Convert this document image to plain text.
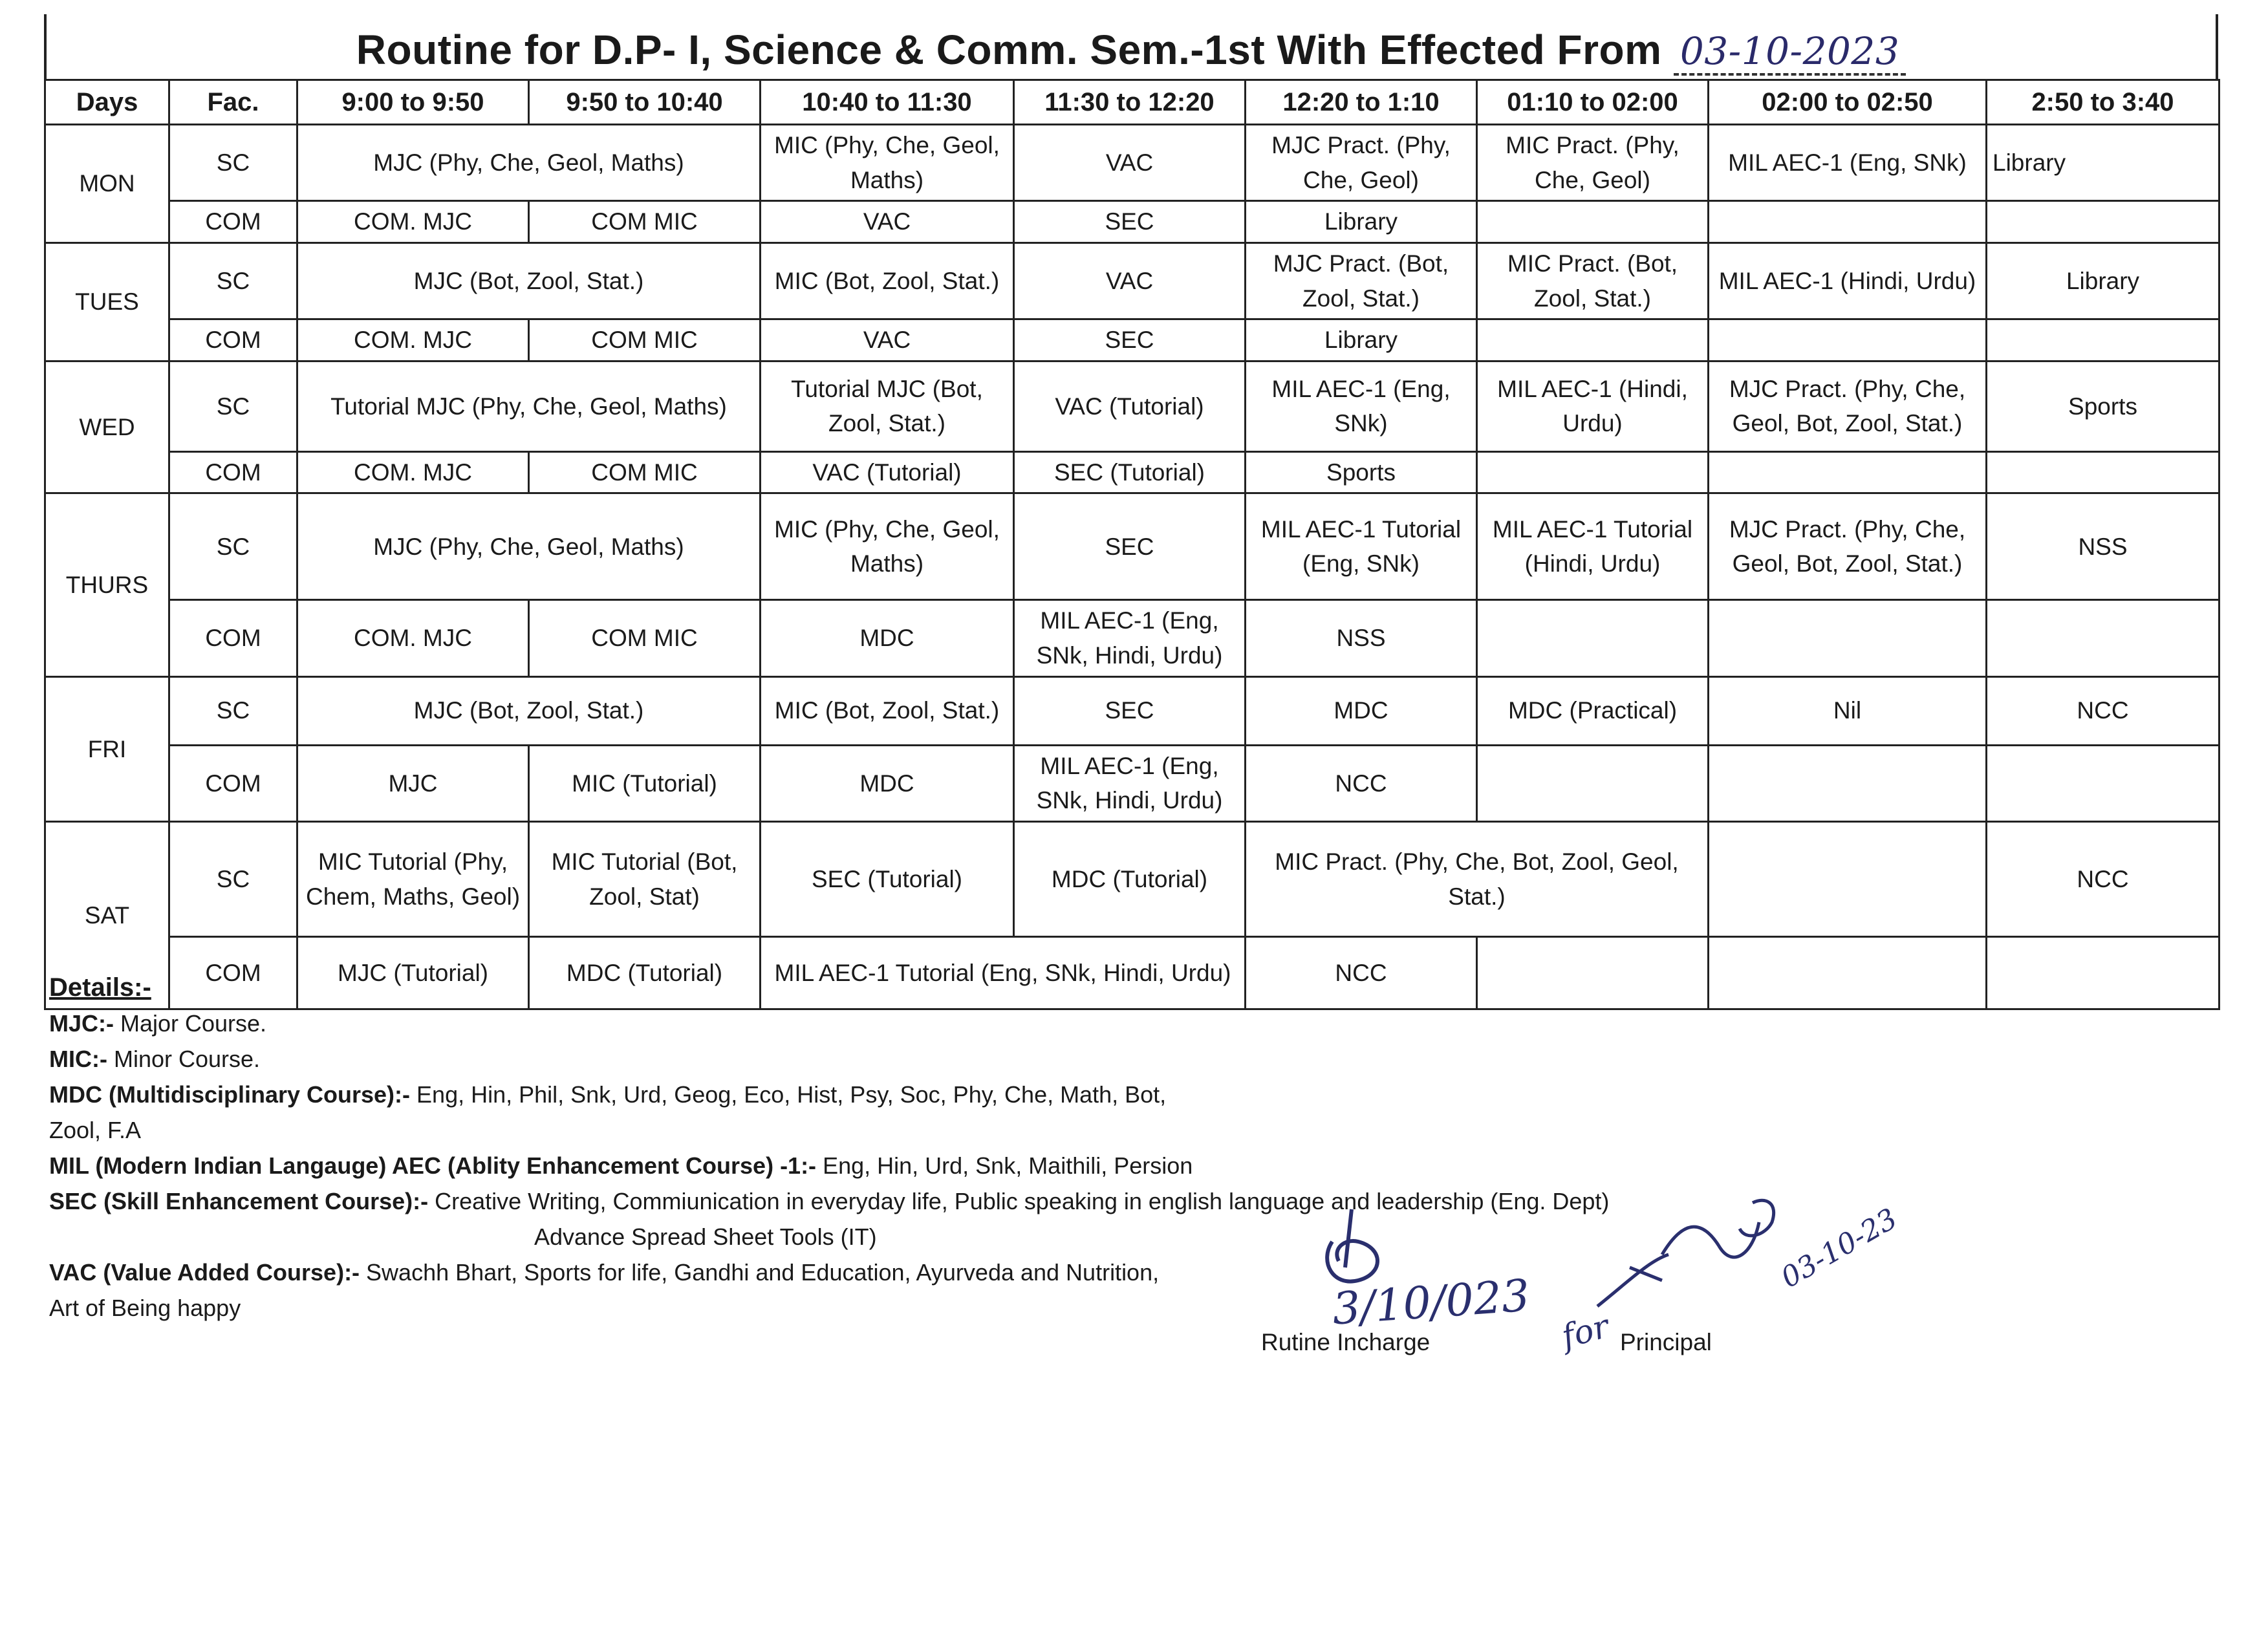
Routine for D.P- I, Science & Comm. Sem.-1st With Effected From 03-10-2023
Days	Fac.	9:00 to 9:50	9:50 to 10:40	10:40 to 11:30	11:30 to 12:20	12:20 to 1:10	01:10 to 02:00	02:00 to 02:50	2:50 to 3:40
MON	SC	MJC (Phy, Che, Geol, Maths)		MIC (Phy, Che, Geol, Maths)	VAC	MJC Pract. (Phy, Che, Geol)	MIC Pract. (Phy, Che, Geol)	MIL AEC-1 (Eng, SNk)	Library
	COM	COM. MJC	COM MIC	VAC	SEC	Library			
TUES	SC	MJC (Bot, Zool, Stat.)		MIC (Bot, Zool, Stat.)	VAC	MJC Pract. (Bot, Zool, Stat.)	MIC Pract. (Bot, Zool, Stat.)	MIL AEC-1 (Hindi, Urdu)	Library
	COM	COM. MJC	COM MIC	VAC	SEC	Library			
WED	SC	Tutorial MJC (Phy, Che, Geol, Maths)		Tutorial MJC (Bot, Zool, Stat.)	VAC (Tutorial)	MIL AEC-1 (Eng, SNk)	MIL AEC-1 (Hindi, Urdu)	MJC Pract. (Phy, Che, Geol, Bot, Zool, Stat.)	Sports
	COM	COM. MJC	COM MIC	VAC (Tutorial)	SEC (Tutorial)	Sports			
THURS	SC	MJC (Phy, Che, Geol, Maths)		MIC (Phy, Che, Geol, Maths)	SEC	MIL AEC-1 Tutorial (Eng, SNk)	MIL AEC-1 Tutorial (Hindi, Urdu)	MJC Pract. (Phy, Che, Geol, Bot, Zool, Stat.)	NSS
	COM	COM. MJC	COM MIC	MDC	MIL AEC-1 (Eng, SNk, Hindi, Urdu)	NSS			
FRI	SC	MJC (Bot, Zool, Stat.)		MIC (Bot, Zool, Stat.)	SEC	MDC	MDC (Practical)	Nil	NCC
	COM	MJC	MIC (Tutorial)	MDC	MIL AEC-1 (Eng, SNk, Hindi, Urdu)	NCC			
SAT	SC	MIC Tutorial (Phy, Chem, Maths, Geol)	MIC Tutorial (Bot, Zool, Stat)	SEC (Tutorial)	MDC (Tutorial)	MIC Pract. (Phy, Che, Bot, Zool, Geol, Stat.)			NCC
	COM	MJC (Tutorial)	MDC (Tutorial)	MIL AEC-1 Tutorial (Eng, SNk, Hindi, Urdu)		NCC			
Details:-
MJC:- Major Course.
MIC:- Minor Course.
MDC (Multidisciplinary Course):- Eng, Hin, Phil, Snk, Urd, Geog, Eco, Hist, Psy, Soc, Phy, Che, Math, Bot,
Zool, F.A
MIL (Modern Indian Langauge) AEC (Ablity Enhancement Course) -1:- Eng, Hin, Urd, Snk, Maithili, Persion
SEC (Skill Enhancement Course):- Creative Writing, Commiunication in everyday life, Public speaking in english language and leadership (Eng. Dept)
Advance Spread Sheet Tools (IT)
VAC (Value Added Course):- Swachh Bhart, Sports for life, Gandhi and Education, Ayurveda and Nutrition,
Art of Being happy	3/10/023
Rutine Incharge	for
03-10-23
Principal
